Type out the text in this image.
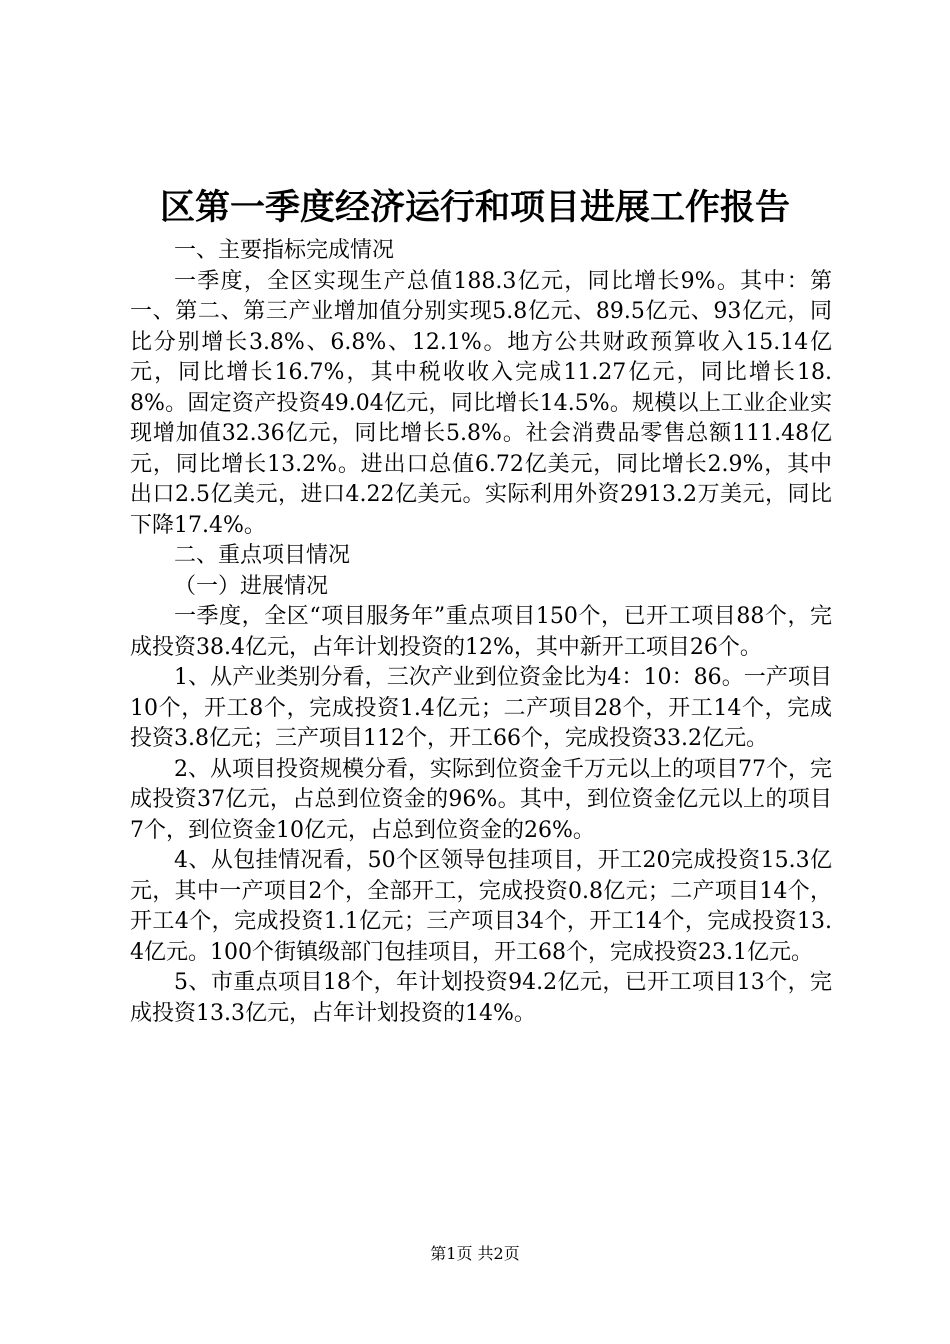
区第一季度经济运行和项目进展工作报告

一、主要指标完成情况

一季度，全区实现生产总值188.3亿元，同比增长9%。其中：第一、第二、第三产业增加值分别实现5.8亿元、89.5亿元、93亿元，同比分别增长3.8%、6.8%、12.1%。地方公共财政预算收入15.14亿元，同比增长16.7%，其中税收收入完成11.27亿元，同比增长18.8%。固定资产投资49.04亿元，同比增长14.5%。规模以上工业企业实现增加值32.36亿元，同比增长5.8%。社会消费品零售总额111.48亿元，同比增长13.2%。进出口总值6.72亿美元，同比增长2.9%，其中出口2.5亿美元，进口4.22亿美元。实际利用外资2913.2万美元，同比下降17.4%。

二、重点项目情况

（一）进展情况

一季度，全区“项目服务年”重点项目150个，已开工项目88个，完成投资38.4亿元，占年计划投资的12%，其中新开工项目26个。

1、从产业类别分看，三次产业到位资金比为4：10：86。一产项目10个，开工8个，完成投资1.4亿元；二产项目28个，开工14个，完成投资3.8亿元；三产项目112个，开工66个，完成投资33.2亿元。

2、从项目投资规模分看，实际到位资金千万元以上的项目77个，完成投资37亿元，占总到位资金的96%。其中，到位资金亿元以上的项目7个，到位资金10亿元，占总到位资金的26%。

4、从包挂情况看，50个区领导包挂项目，开工20完成投资15.3亿元，其中一产项目2个，全部开工，完成投资0.8亿元；二产项目14个，开工4个，完成投资1.1亿元；三产项目34个，开工14个，完成投资13.4亿元。100个街镇级部门包挂项目，开工68个，完成投资23.1亿元。

5、市重点项目18个，年计划投资94.2亿元，已开工项目13个，完成投资13.3亿元，占年计划投资的14%。

第1页 共2页
